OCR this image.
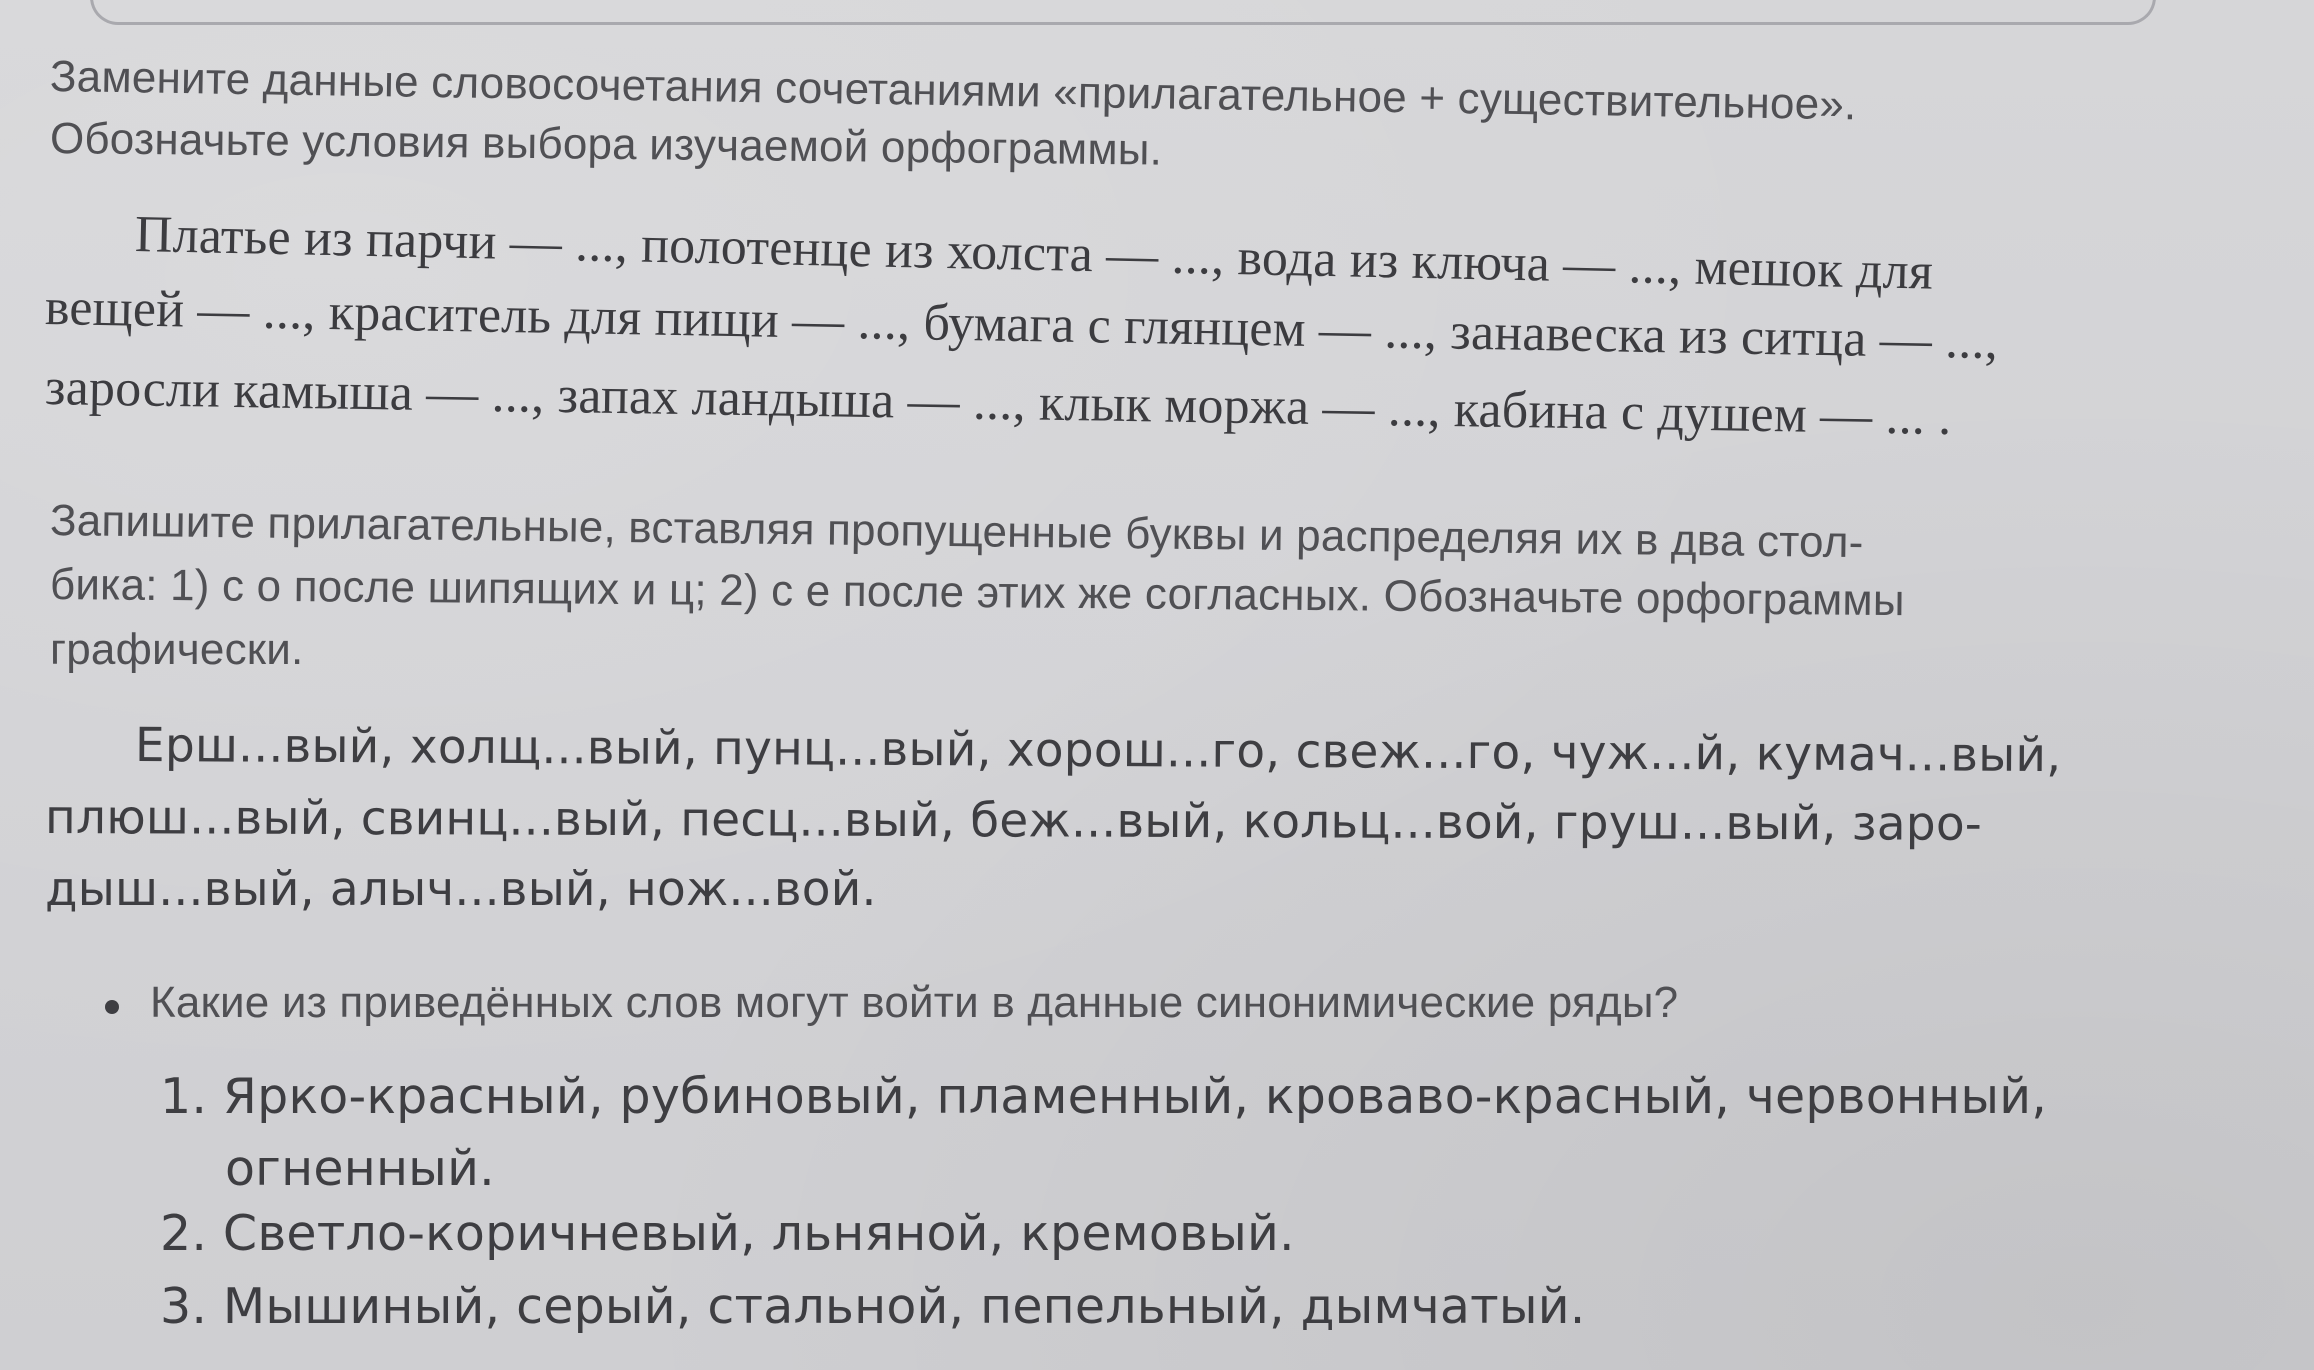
Замените данные словосочетания сочетаниями «прилагательное + существительное».
Обозначьте условия выбора изучаемой орфограммы.
Платье из парчи — ..., полотенце из холста — ..., вода из ключа — ..., мешок для
вещей — ..., краситель для пищи — ..., бумага с глянцем — ..., занавеска из ситца — ...,
заросли камыша — ..., запах ландыша — ..., клык моржа — ..., кабина с душем — ... .
Запишите прилагательные, вставляя пропущенные буквы и распределяя их в два стол-
бика: 1) с о после шипящих и ц; 2) с е после этих же согласных. Обозначьте орфограммы
графически.
Ерш...вый, холщ...вый, пунц...вый, хорош...го, свеж...го, чуж...й, кумач...вый,
плюш...вый, свинц...вый, песц...вый, беж...вый, кольц...вой, груш...вый, заро-
дыш...вый, алыч...вый, нож...вой.
Какие из приведённых слов могут войти в данные синонимические ряды?
1. Ярко-красный, рубиновый, пламенный, кроваво-красный, червонный,
огненный.
2. Светло-коричневый, льняной, кремовый.
3. Мышиный, серый, стальной, пепельный, дымчатый.
